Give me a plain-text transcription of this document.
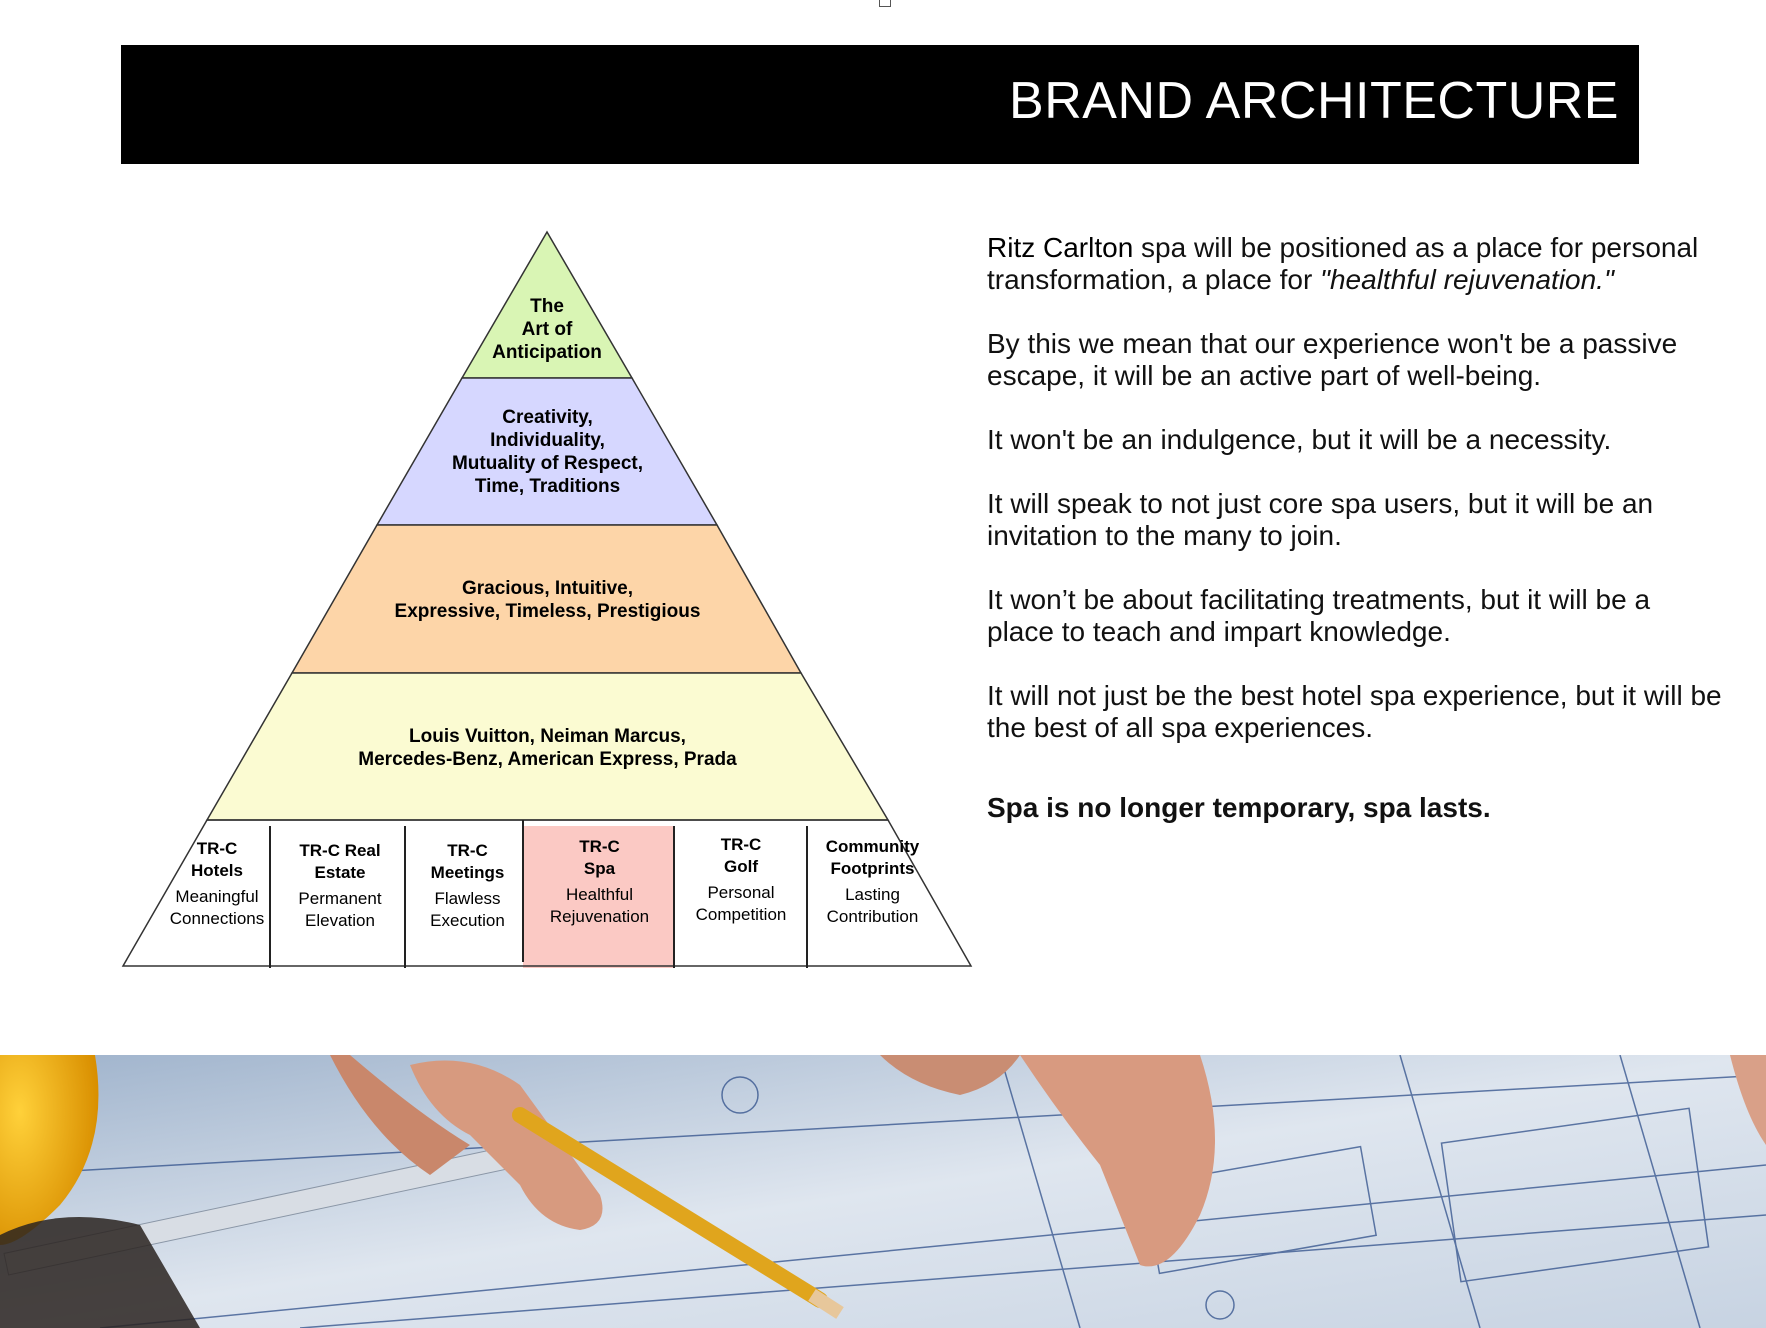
BRAND ARCHITECTURE
The
Art of
Anticipation
Creativity,
Individuality,
Mutuality of Respect,
Time, Traditions
Gracious, Intuitive,
Expressive, Timeless, Prestigious
Louis Vuitton, Neiman Marcus,
Mercedes-Benz, American Express, Prada
TR-C
Hotels
Meaningful
Connections
TR-C Real
Estate
Permanent
Elevation
TR-C
Meetings
Flawless
Execution
TR-C
Spa
Healthful
Rejuvenation
TR-C
Golf
Personal
Competition
Community
Footprints
Lasting
Contribution

Ritz Carlton spa will be positioned as a place for personal transformation, a place for "healthful rejuvenation."

By this we mean that our experience won't be a passive escape, it will be an active part of well-being.

It won't be an indulgence, but it will be a necessity.

It will speak to not just core spa users, but it will be an invitation to the many to join.

It won’t be about facilitating treatments, but it will be a place to teach and impart knowledge.

It will not just be the best hotel spa experience, but it will be the best of all spa experiences.

Spa is no longer temporary, spa lasts.
